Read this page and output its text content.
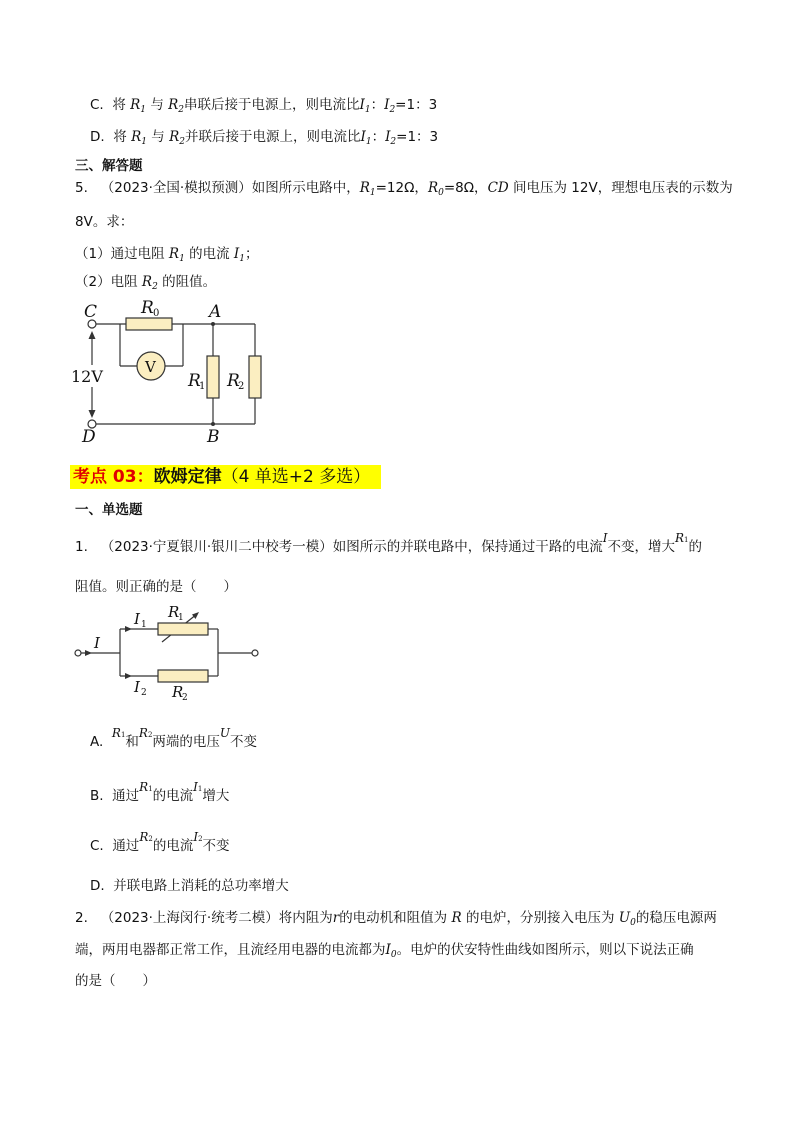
C. 将 $R_1$ 与 $R_2$串联后接于电源上，则电流比$I_1$：$I_2=1$：3
D. 将 $R_1$ 与 $R_2$并联后接于电源上，则电流比$I_1$：$I_2=1$：3
三、解答题
5. （2023·全国·模拟预测）如图所示电路中，$R_1=12\Omega$，$R_0=8\Omega$，CD 间电压为 12V，理想电压表的示数为
8V。求：
（1）通过电阻 $R_1$ 的电流 $I_1$；
（2）电阻 $R_2$ 的阻值。
C	A
D	B
R
R R
0
1	2
V
12V
考点 03：欧姆定律（4 单选+2 多选）
一、单选题
1. （2023·宁夏银川·银川二中校考一模）如图所示的并联电路中，保持通过干路的电流I不变，增大$R^1$的
阻值。则正确的是（　　）
I
I
I
R
R
1
2
1
2
A.  $R^1$和$R^2$两端的电压U不变
B. 通过$R^1$的电流$I^1$增大
C. 通过$R^2$的电流$I^2$不变
D. 并联电路上消耗的总功率增大
2. （2023·上海闵行·统考二模）将内阻为r的电动机和阻值为 R 的电炉，分别接入电压为 $U_0$的稳压电源两
端，两用电器都正常工作，且流经用电器的电流都为$I_0$。电炉的伏安特性曲线如图所示，则以下说法正确
的是（　　）
